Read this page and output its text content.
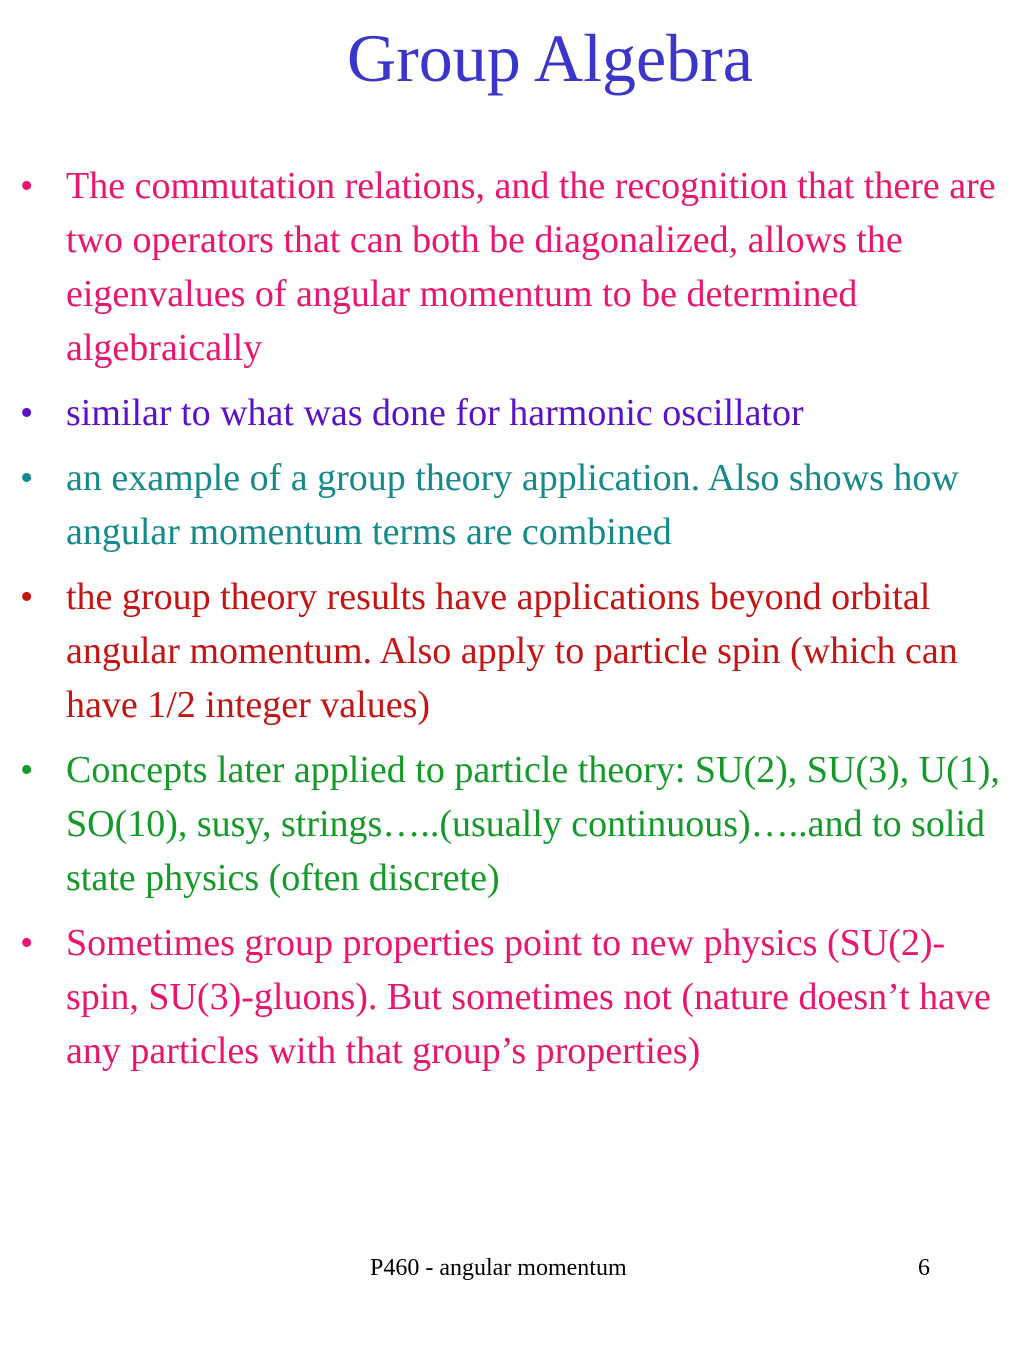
Group Algebra
• The commutation relations, and the recognition that there are two operators that can both be diagonalized, allows the eigenvalues of angular momentum to be determined algebraically
• similar to what was done for harmonic oscillator
• an example of a group theory application. Also shows how angular momentum terms are combined
• the group theory results have applications beyond orbital angular momentum. Also apply to particle spin (which can have 1/2 integer values)
• Concepts later applied to particle theory: SU(2), SU(3), U(1), SO(10), susy, strings…..(usually continuous)…..and to solid state physics (often discrete)
• Sometimes group properties point to new physics (SU(2)-spin, SU(3)-gluons). But sometimes not (nature doesn’t have any particles with that group’s properties)
P460 - angular momentum	6
